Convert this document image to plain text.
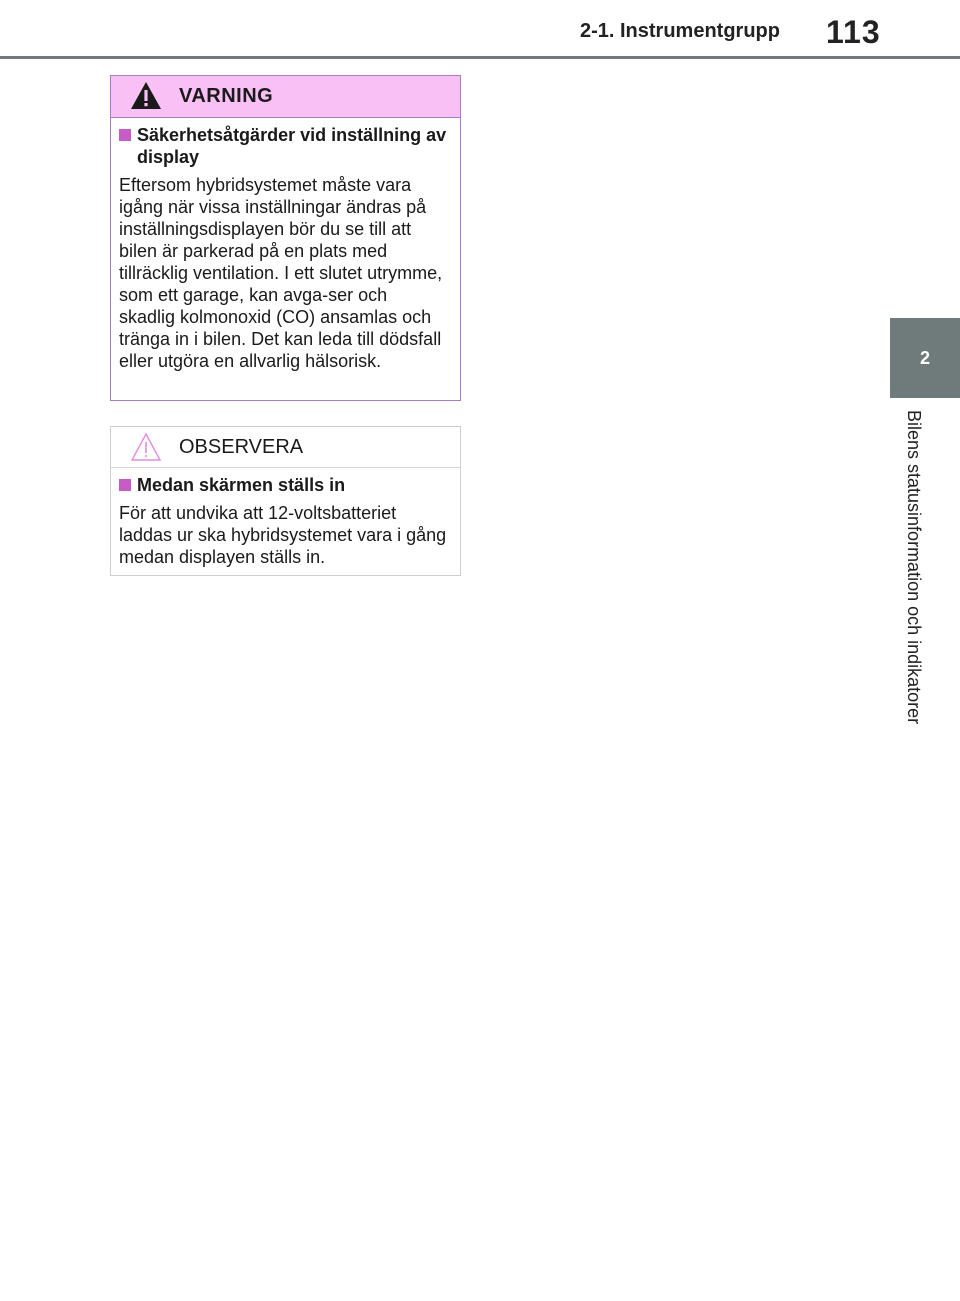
2-1. Instrumentgrupp	113
2
Bilens statusinformation och indikatorer
VARNING
Säkerhetsåtgärder vid inställning av display
Eftersom hybridsystemet måste vara igång när vissa inställningar ändras på inställningsdisplayen bör du se till att bilen är parkerad på en plats med tillräcklig ventilation. I ett slutet utrymme, som ett garage, kan avga-ser och skadlig kolmonoxid (CO) ansamlas och tränga in i bilen. Det kan leda till dödsfall eller utgöra en allvarlig hälsorisk.
OBSERVERA
Medan skärmen ställs in
För att undvika att 12-voltsbatteriet laddas ur ska hybridsystemet vara i gång medan displayen ställs in.
